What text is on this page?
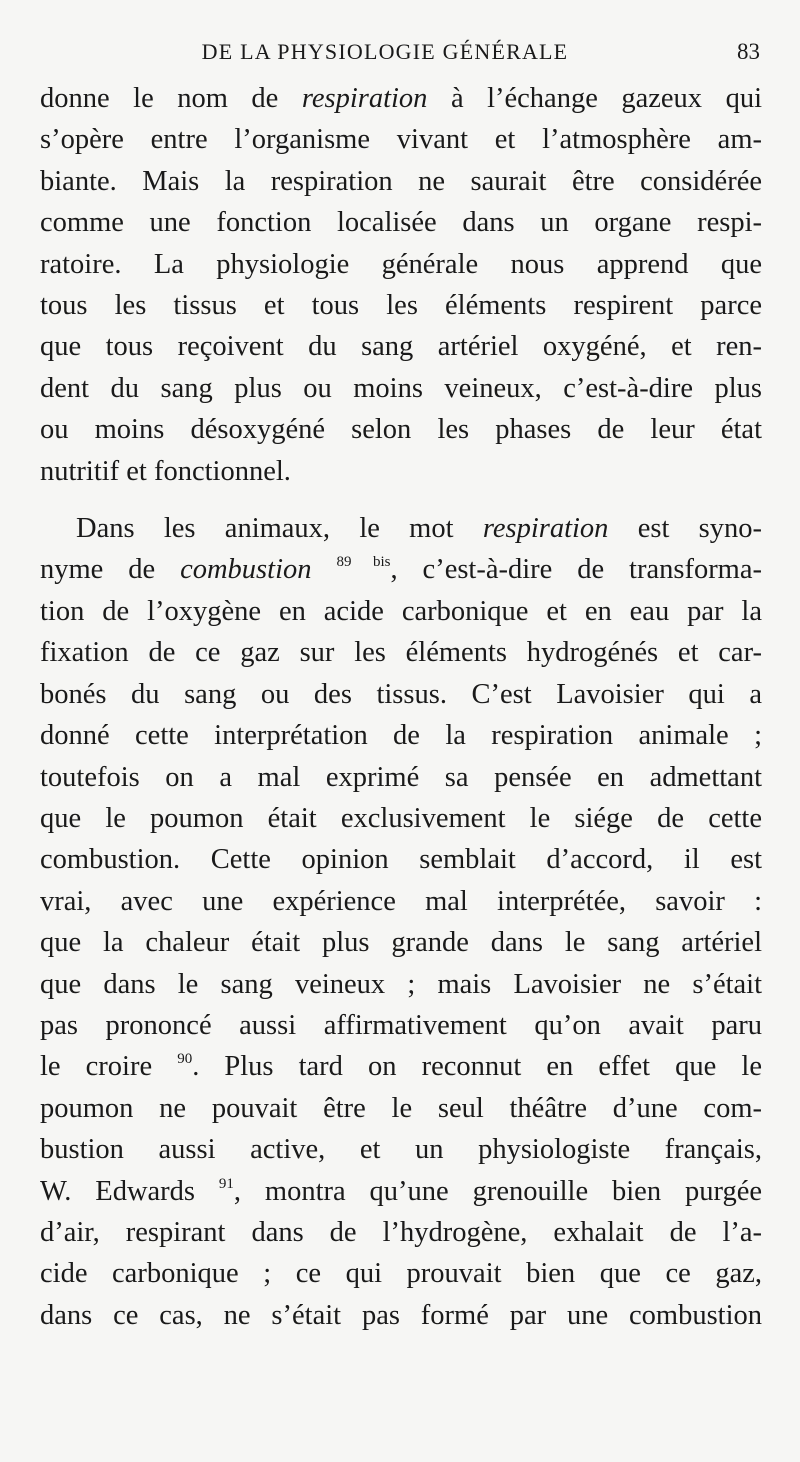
DE LA PHYSIOLOGIE GÉNÉRALE	83
donne le nom de respiration à l’échange gazeux qui
s’opère entre l’organisme vivant et l’atmosphère am-
biante. Mais la respiration ne saurait être considérée
comme une fonction localisée dans un organe respi-
ratoire. La physiologie générale nous apprend que
tous les tissus et tous les éléments respirent parce
que tous reçoivent du sang artériel oxygéné, et ren-
dent du sang plus ou moins veineux, c’est-à-dire plus
ou moins désoxygéné selon les phases de leur état
nutritif et fonctionnel.
Dans les animaux, le mot respiration est syno-
nyme de combustion $^{89 bis}$, c’est-à-dire de transforma-
tion de l’oxygène en acide carbonique et en eau par la
fixation de ce gaz sur les éléments hydrogénés et car-
bonés du sang ou des tissus. C’est Lavoisier qui a
donné cette interprétation de la respiration animale ;
toutefois on a mal exprimé sa pensée en admettant
que le poumon était exclusivement le siége de cette
combustion. Cette opinion semblait d’accord, il est
vrai, avec une expérience mal interprétée, savoir :
que la chaleur était plus grande dans le sang artériel
que dans le sang veineux ; mais Lavoisier ne s’était
pas prononcé aussi affirmativement qu’on avait paru
le croire $^{90}$. Plus tard on reconnut en effet que le
poumon ne pouvait être le seul théâtre d’une com-
bustion aussi active, et un physiologiste français,
W. Edwards $^{91}$, montra qu’une grenouille bien purgée
d’air, respirant dans de l’hydrogène, exhalait de l’a-
cide carbonique ; ce qui prouvait bien que ce gaz,
dans ce cas, ne s’était pas formé par une combustion
